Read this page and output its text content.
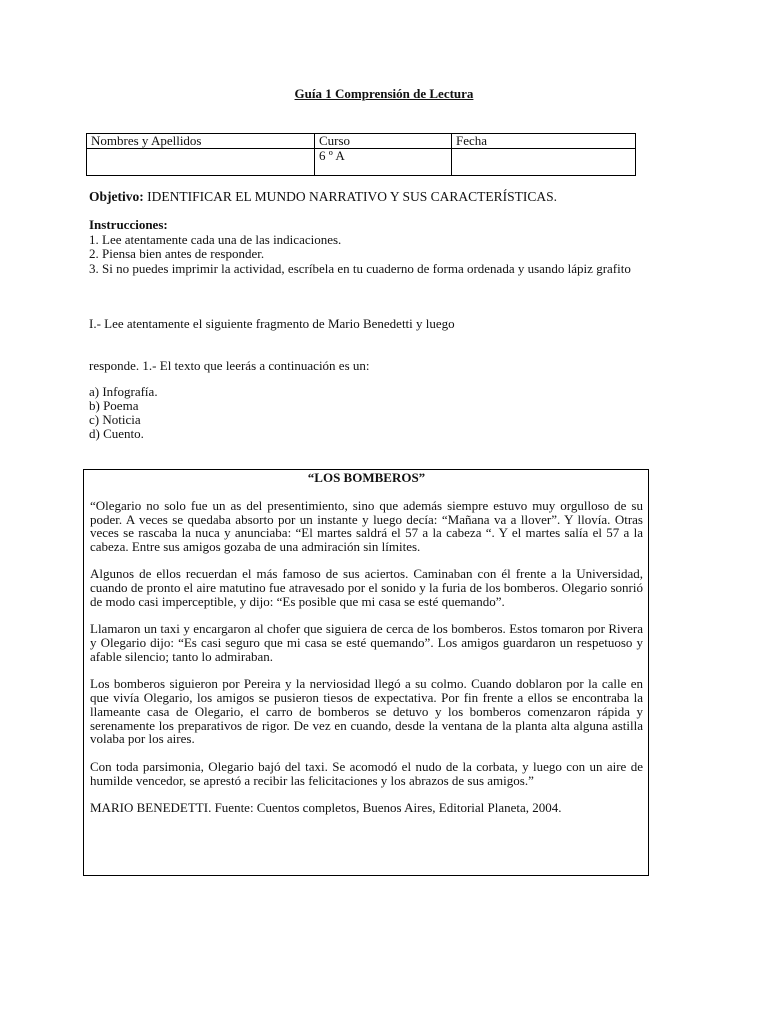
Guía 1 Comprensión de Lectura
Nombres y Apellidos	Curso	Fecha
	6 º A	
Objetivo: IDENTIFICAR EL MUNDO NARRATIVO Y SUS CARACTERÍSTICAS.
Instrucciones:
1. Lee atentamente cada una de las indicaciones.
2. Piensa bien antes de responder.
3. Si no puedes imprimir la actividad, escríbela en tu cuaderno de forma ordenada y usando lápiz grafito
I.- Lee atentamente el siguiente fragmento de Mario Benedetti y luego
responde. 1.- El texto que leerás a continuación es un:
a) Infografía.
b) Poema
c) Noticia
d) Cuento.
“LOS BOMBEROS”

“Olegario no solo fue un as del presentimiento, sino que además siempre estuvo muy orgulloso de su poder. A veces se quedaba absorto por un instante y luego decía: “Mañana va a llover”. Y llovía. Otras veces se rascaba la nuca y anunciaba: “El martes saldrá el 57 a la cabeza “. Y el martes salía el 57 a la cabeza. Entre sus amigos gozaba de una admiración sin límites.

Algunos de ellos recuerdan el más famoso de sus aciertos. Caminaban con él frente a la Universidad, cuando de pronto el aire matutino fue atravesado por el sonido y la furia de los bomberos. Olegario sonrió de modo casi imperceptible, y dijo: “Es posible que mi casa se esté quemando”.

Llamaron un taxi y encargaron al chofer que siguiera de cerca de los bomberos. Estos tomaron por Rivera y Olegario dijo: “Es casi seguro que mi casa se esté quemando”. Los amigos guardaron un respetuoso y afable silencio; tanto lo admiraban.

Los bomberos siguieron por Pereira y la nerviosidad llegó a su colmo. Cuando doblaron por la calle en que vivía Olegario, los amigos se pusieron tiesos de expectativa. Por fin frente a ellos se encontraba la llameante casa de Olegario, el carro de bomberos se detuvo y los bomberos comenzaron rápida y serenamente los preparativos de rigor. De vez en cuando, desde la ventana de la planta alta alguna astilla volaba por los aires.

Con toda parsimonia, Olegario bajó del taxi. Se acomodó el nudo de la corbata, y luego con un aire de humilde vencedor, se aprestó a recibir las felicitaciones y los abrazos de sus amigos.”

MARIO BENEDETTI. Fuente: Cuentos completos, Buenos Aires, Editorial Planeta, 2004.
